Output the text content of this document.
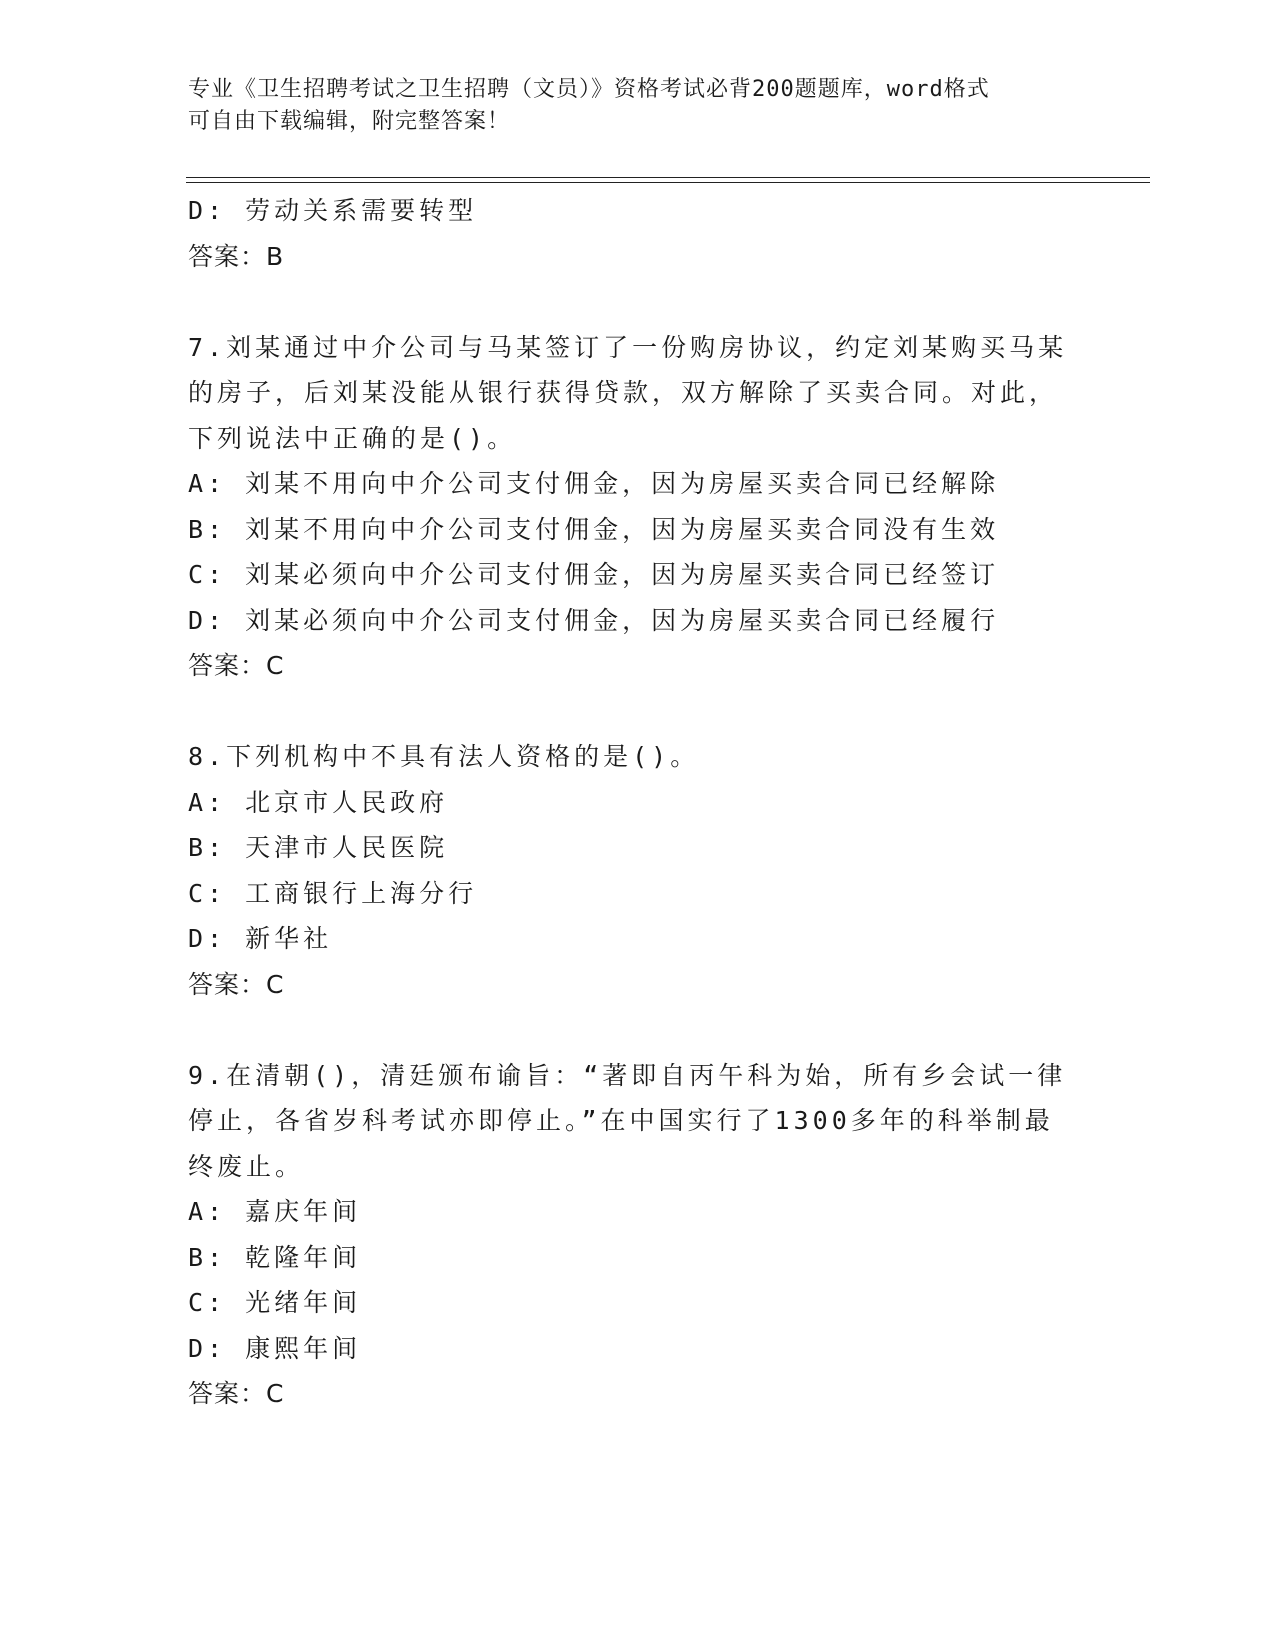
专业《卫生招聘考试之卫生招聘（文员）》资格考试必背200题题库，word格式
可自由下载编辑，附完整答案！
D: 劳动关系需要转型
答案：B
7.刘某通过中介公司与马某签订了一份购房协议，约定刘某购买马某
的房子，后刘某没能从银行获得贷款，双方解除了买卖合同。对此，
下列说法中正确的是()。
A: 刘某不用向中介公司支付佣金，因为房屋买卖合同已经解除
B: 刘某不用向中介公司支付佣金，因为房屋买卖合同没有生效
C: 刘某必须向中介公司支付佣金，因为房屋买卖合同已经签订
D: 刘某必须向中介公司支付佣金，因为房屋买卖合同已经履行
答案：C
8.下列机构中不具有法人资格的是()。
A: 北京市人民政府
B: 天津市人民医院
C: 工商银行上海分行
D: 新华社
答案：C
9.在清朝()，清廷颁布谕旨：“著即自丙午科为始，所有乡会试一律
停止，各省岁科考试亦即停止。”在中国实行了1300多年的科举制最
终废止。
A: 嘉庆年间
B: 乾隆年间
C: 光绪年间
D: 康熙年间
答案：C
